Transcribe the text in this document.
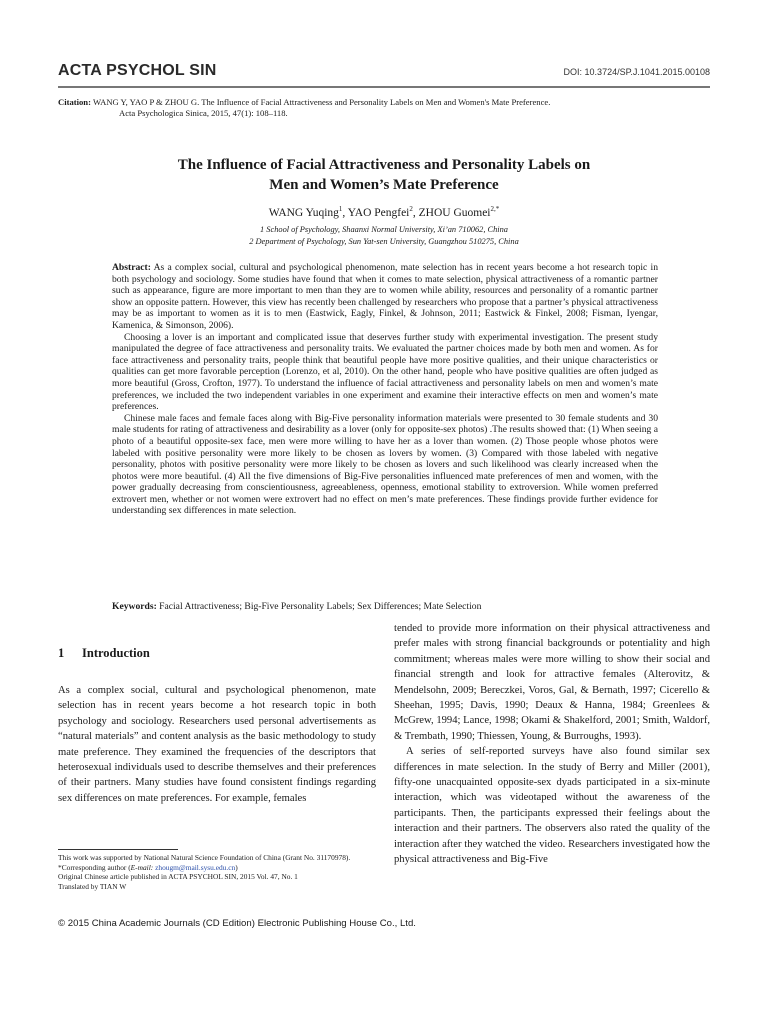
ACTA PSYCHOL SIN	DOI: 10.3724/SP.J.1041.2015.00108
Citation: WANG Y, YAO P & ZHOU G. The Influence of Facial Attractiveness and Personality Labels on Men and Women's Mate Preference.
Acta Psychologica Sinica, 2015, 47(1): 108–118.
The Influence of Facial Attractiveness and Personality Labels on
Men and Women’s Mate Preference
WANG Yuqing$^1$, YAO Pengfei$^2$, ZHOU Guomei$^{2,*}$
1 School of Psychology, Shaanxi Normal University, Xi’an 710062, China
2 Department of Psychology, Sun Yat-sen University, Guangzhou 510275, China

Abstract: As a complex social, cultural and psychological phenomenon, mate selection has in recent years become a hot research topic in both psychology and sociology. Some studies have found that when it comes to mate selection, physical attractiveness of a romantic partner such as appearance, figure are more important to men than they are to women while ability, resources and personality of a romantic partner show an opposite pattern. However, this view has recently been challenged by researchers who propose that a partner’s physical attractiveness may be as important to women as it is to men (Eastwick, Eagly, Finkel, & Johnson, 2011; Eastwick & Finkel, 2008; Fisman, Iyengar, Kamenica, & Simonson, 2006).

Choosing a lover is an important and complicated issue that deserves further study with experimental investigation. The present study manipulated the degree of face attractiveness and personality traits. We evaluated the partner choices made by both men and women. As for face attractiveness and personality traits, people think that beautiful people have more positive qualities, and their unique characteristics or qualities can get more favorable perception (Lorenzo, et al, 2010). On the other hand, people who have positive qualities are often judged as more beautiful (Gross, Crofton, 1977). To understand the influence of facial attractiveness and personality labels on men and women’s mate preferences, we included the two independent variables in one experiment and examine their interactive effects on men and women’s mate preferences.

Chinese male faces and female faces along with Big-Five personality information materials were presented to 30 female students and 30 male students for rating of attractiveness and desirability as a lover (only for opposite-sex photos) .The results showed that: (1) When seeing a photo of a beautiful opposite-sex face, men were more willing to have her as a lover than women. (2) Those people whose photos were labeled with positive personality were more likely to be chosen as lovers by women. (3) Compared with those labeled with negative personality, photos with positive personality were more likely to be chosen as lovers and such likelihood was clearly increased when the photos were more beautiful. (4) All the five dimensions of Big-Five personalities influenced mate preferences of men and women, with the power gradually decreasing from conscientiousness, agreeableness, openness, emotional stability to extroversion. While women preferred extrovert men, whether or not women were extrovert had no effect on men’s mate preferences. These findings provide further evidence for understanding sex differences in mate selection.

Keywords: Facial Attractiveness; Big-Five Personality Labels; Sex Differences; Mate Selection
1 Introduction

As a complex social, cultural and psychological phenomenon, mate selection has in recent years become a hot research topic in both psychology and sociology. Researchers used personal advertisements as “natural materials” and content analysis as the basic methodology to study mate preference. They examined the frequencies of the descriptors that heterosexual individuals used to describe themselves and their preferences of their partners. Many studies have found consistent findings regarding sex differences on mate preferences. For example, females

tended to provide more information on their physical attractiveness and prefer males with strong financial backgrounds or potentiality and high commitment; whereas males were more willing to show their social and financial strength and look for attractive females (Alterovitz, & Mendelsohn, 2009; Bereczkei, Voros, Gal, & Bernath, 1997; Cicerello & Sheehan, 1995; Davis, 1990; Deaux & Hanna, 1984; Greenlees & McGrew, 1994; Lance, 1998; Okami & Shakelford, 2001; Smith, Waldorf, & Trembath, 1990; Thiessen, Young, & Burroughs, 1993).

A series of self-reported surveys have also found similar sex differences in mate selection. In the study of Berry and Miller (2001), fifty-one unacquainted opposite-sex dyads participated in a six-minute interaction, which was videotaped without the awareness of the participants. Then, the participants expressed their feelings about the interaction and their partners. The observers also rated the quality of the interaction after they watched the video. Researchers investigated how the physical attractiveness and Big-Five

This work was supported by National Natural Science Foundation of China (Grant No. 31170978).
*Corresponding author (E-mail: zhougm@mail.sysu.edu.cn)
Original Chinese article published in ACTA PSYCHOL SIN, 2015 Vol. 47, No. 1
Translated by TIAN W
© 2015 China Academic Journals (CD Edition) Electronic Publishing House Co., Ltd.
